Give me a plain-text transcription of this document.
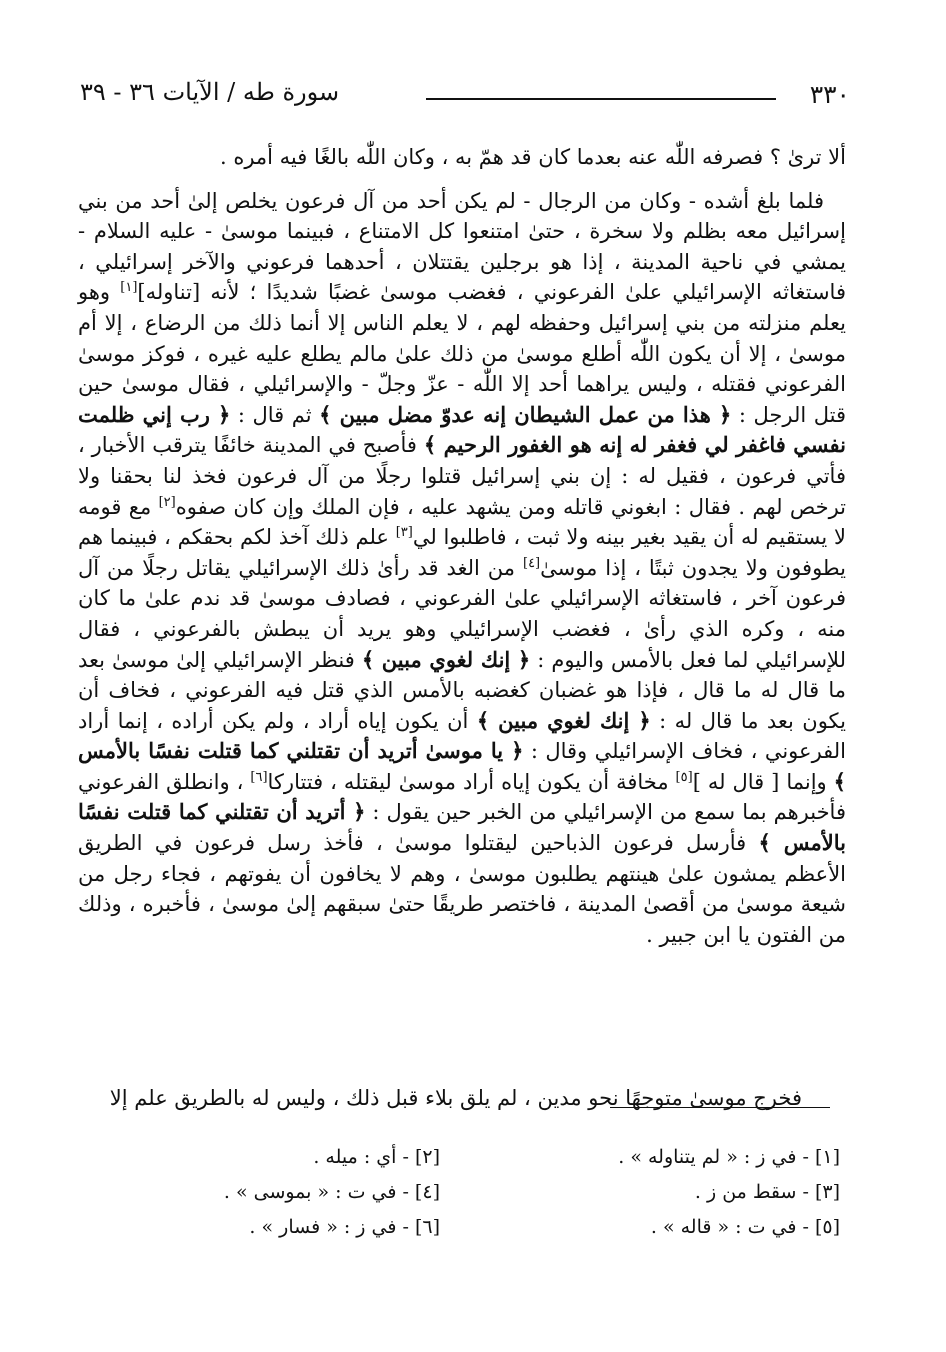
٣٣٠
سورة طه / الآيات ٣٦ - ٣٩

ألا ترىٰ ؟ فصرفه اللّٰه عنه بعدما كان قد همّ به ، وكان اللّٰه بالغًا فيه أمره .

فلما بلغ أشده - وكان من الرجال - لم يكن أحد من آل فرعون يخلص إلىٰ أحد من بني إسرائيل معه بظلم ولا سخرة ، حتىٰ امتنعوا كل الامتناع ، فبينما موسىٰ - عليه السلام - يمشي في ناحية المدينة ، إذا هو برجلين يقتتلان ، أحدهما فرعوني والآخر إسرائيلي ، فاستغاثه الإسرائيلي علىٰ الفرعوني ، فغضب موسىٰ غضبًا شديدًا ؛ لأنه [تناوله][١] وهو يعلم منزلته من بني إسرائيل وحفظه لهم ، لا يعلم الناس إلا أنما ذلك من الرضاع ، إلا أم موسىٰ ، إلا أن يكون اللّٰه أطلع موسىٰ من ذلك علىٰ مالم يطلع عليه غيره ، فوكز موسىٰ الفرعوني فقتله ، وليس يراهما أحد إلا اللّٰه - عزّ وجلّ - والإسرائيلي ، فقال موسىٰ حين قتل الرجل : ﴿ هذا من عمل الشيطان إنه عدوّ مضل مبين ﴾ ثم قال : ﴿ رب إني ظلمت نفسي فاغفر لي فغفر له إنه هو الغفور الرحيم ﴾ فأصبح في المدينة خائفًا يترقب الأخبار ، فأتي فرعون ، فقيل له : إن بني إسرائيل قتلوا رجلًا من آل فرعون فخذ لنا بحقنا ولا ترخص لهم . فقال : ابغوني قاتله ومن يشهد عليه ، فإن الملك وإن كان صفوه[٢] مع قومه لا يستقيم له أن يقيد بغير بينه ولا ثبت ، فاطلبوا لي[٣] علم ذلك آخذ لكم بحقكم ، فبينما هم يطوفون ولا يجدون ثبتًا ، إذا موسىٰ[٤] من الغد قد رأىٰ ذلك الإسرائيلي يقاتل رجلًا من آل فرعون آخر ، فاستغاثه الإسرائيلي علىٰ الفرعوني ، فصادف موسىٰ قد ندم علىٰ ما كان منه ، وكره الذي رأىٰ ، فغضب الإسرائيلي وهو يريد أن يبطش بالفرعوني ، فقال للإسرائيلي لما فعل بالأمس واليوم : ﴿ إنك لغوي مبين ﴾ فنظر الإسرائيلي إلىٰ موسىٰ بعد ما قال له ما قال ، فإذا هو غضبان كغضبه بالأمس الذي قتل فيه الفرعوني ، فخاف أن يكون بعد ما قال له : ﴿ إنك لغوي مبين ﴾ أن يكون إياه أراد ، ولم يكن أراده ، إنما أراد الفرعوني ، فخاف الإسرائيلي وقال : ﴿ يا موسىٰ أتريد أن تقتلني كما قتلت نفسًا بالأمس ﴾ وإنما [ قال له ][٥] مخافة أن يكون إياه أراد موسىٰ ليقتله ، فتتاركا[٦] ، وانطلق الفرعوني فأخبرهم بما سمع من الإسرائيلي من الخبر حين يقول : ﴿ أتريد أن تقتلني كما قتلت نفسًا بالأمس ﴾ فأرسل فرعون الذباحين ليقتلوا موسىٰ ، فأخذ رسل فرعون في الطريق الأعظم يمشون علىٰ هينتهم يطلبون موسىٰ ، وهم لا يخافون أن يفوتهم ، فجاء رجل من شيعة موسىٰ من أقصىٰ المدينة ، فاختصر طريقًا حتىٰ سبقهم إلىٰ موسىٰ ، فأخبره ، وذلك من الفتون يا ابن جبير .

فخرج موسىٰ متوجهًا نحو مدين ، لم يلق بلاء قبل ذلك ، وليس له بالطريق علم إلا

[١] - في ز : « لم يتناوله » .
[٢] - أي : ميله .
[٣] - سقط من ز .
[٤] - في ت : « بموسى » .
[٥] - في ت : « قاله » .
[٦] - في ز : « فسار » .
